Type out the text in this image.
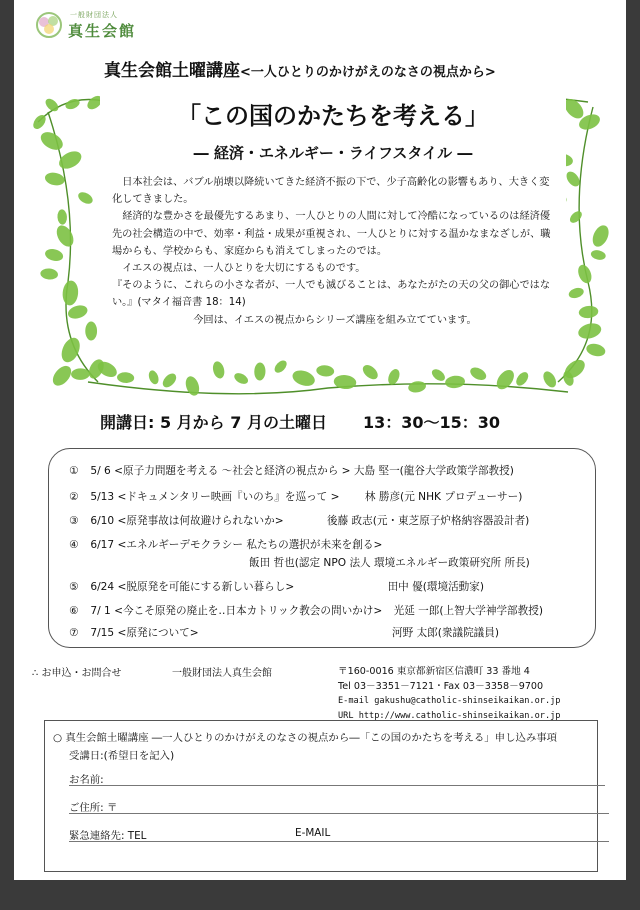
一般財団法人
真生会館
真生会館土曜講座<一人ひとりのかけがえのなさの視点から>
「この国のかたちを考える」
― 経済・エネルギー・ライフスタイル ―

日本社会は、バブル崩壊以降続いてきた経済不振の下で、少子高齢化の影響もあり、大きく変化してきました。

経済的な豊かさを最優先するあまり、一人ひとりの人間に対して冷酷になっているのは経済優先の社会構造の中で、効率・利益・成果が重視され、一人ひとりに対する温かなまなざしが、職場からも、学校からも、家庭からも消えてしまったのでは。

イエスの視点は、一人ひとりを大切にするものです。

『そのように、これらの小さな者が、一人でも滅びることは、あなたがたの天の父の御心ではない。』(マタイ福音書 18：14)

今回は、イエスの視点からシリーズ講座を組み立てています。

開講日: 5 月から 7 月の土曜日 13：30～15：30
① 5/ 6 <原子力問題を考える ～社会と経済の視点から > 大島 堅一(龍谷大学政策学部教授)
② 5/13 <ドキュメンタリー映画『いのち』を巡って > 林 勝彦(元 NHK プロデューサー)
③ 6/10 <原発事故は何故避けられないか>	後藤 政志(元・東芝原子炉格納容器設計者)
④ 6/17 <エネルギーデモクラシー 私たちの選択が未来を創る>
飯田 哲也(認定 NPO 法人 環境エネルギー政策研究所 所長)
⑤ 6/24 <脱原発を可能にする新しい暮らし>	田中 優(環境活動家)
⑥ 7/ 1 <今こそ原発の廃止を‥日本カトリック教会の問いかけ> 光延 一郎(上智大学神学部教授)
⑦ 7/15 <原発について>	河野 太郎(衆議院議員)
∴ お申込・お問合せ	一般財団法人真生会館	〒160-0016 東京都新宿区信濃町 33 番地 4
Tel 03－3351－7121・Fax 03－3358－9700
E-mail gakushu@catholic-shinseikaikan.or.jp
URL http://www.catholic-shinseikaikan.or.jp
○ 真生会館土曜講座 ―一人ひとりのかけがえのなさの視点から―「この国のかたちを考える」申し込み事項
受講日:(希望日を記入)
お名前:
ご住所: 〒
緊急連絡先: TEL	E-MAIL
